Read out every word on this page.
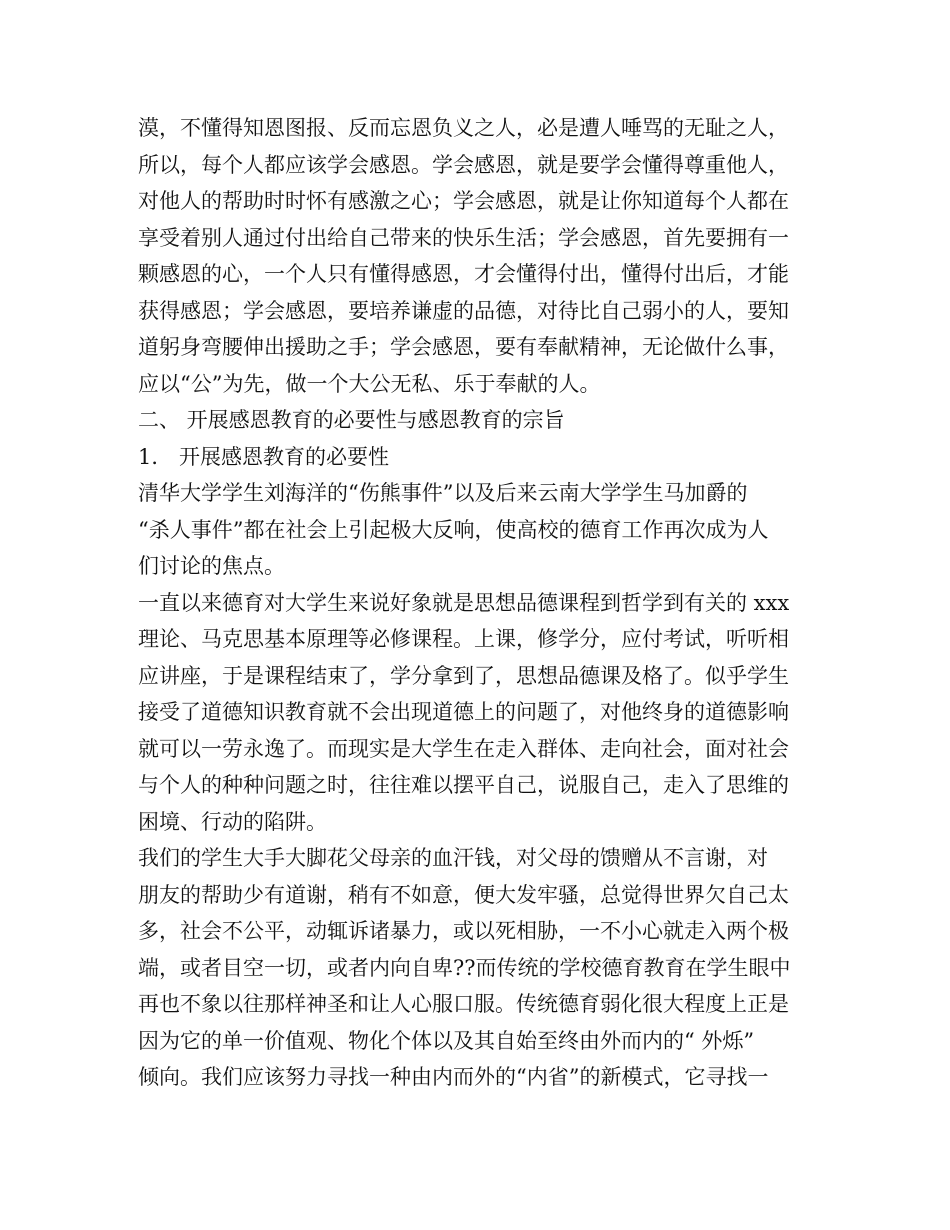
漠，不懂得知恩图报、反而忘恩负义之人，必是遭人唾骂的无耻之人，
所以，每个人都应该学会感恩。学会感恩，就是要学会懂得尊重他人，
对他人的帮助时时怀有感激之心；学会感恩，就是让你知道每个人都在
享受着别人通过付出给自己带来的快乐生活；学会感恩，首先要拥有一
颗感恩的心，一个人只有懂得感恩，才会懂得付出，懂得付出后，才能
获得感恩；学会感恩，要培养谦虚的品德，对待比自己弱小的人，要知
道躬身弯腰伸出援助之手；学会感恩，要有奉献精神，无论做什么事，
应以“公”为先，做一个大公无私、乐于奉献的人。
二、 开展感恩教育的必要性与感恩教育的宗旨
1． 开展感恩教育的必要性
清华大学学生刘海洋的“伤熊事件”以及后来云南大学学生马加爵的
“杀人事件”都在社会上引起极大反响，使高校的德育工作再次成为人
们讨论的焦点。
一直以来德育对大学生来说好象就是思想品德课程到哲学到有关的 xxx
理论、马克思基本原理等必修课程。上课，修学分，应付考试，听听相
应讲座，于是课程结束了，学分拿到了，思想品德课及格了。似乎学生
接受了道德知识教育就不会出现道德上的问题了，对他终身的道德影响
就可以一劳永逸了。而现实是大学生在走入群体、走向社会，面对社会
与个人的种种问题之时，往往难以摆平自己，说服自己，走入了思维的
困境、行动的陷阱。
我们的学生大手大脚花父母亲的血汗钱，对父母的馈赠从不言谢，对
朋友的帮助少有道谢，稍有不如意，便大发牢骚，总觉得世界欠自己太
多，社会不公平，动辄诉诸暴力，或以死相胁，一不小心就走入两个极
端，或者目空一切，或者内向自卑??而传统的学校德育教育在学生眼中
再也不象以往那样神圣和让人心服口服。传统德育弱化很大程度上正是
因为它的单一价值观、物化个体以及其自始至终由外而内的“ 外烁”
倾向。我们应该努力寻找一种由内而外的“内省”的新模式，它寻找一
